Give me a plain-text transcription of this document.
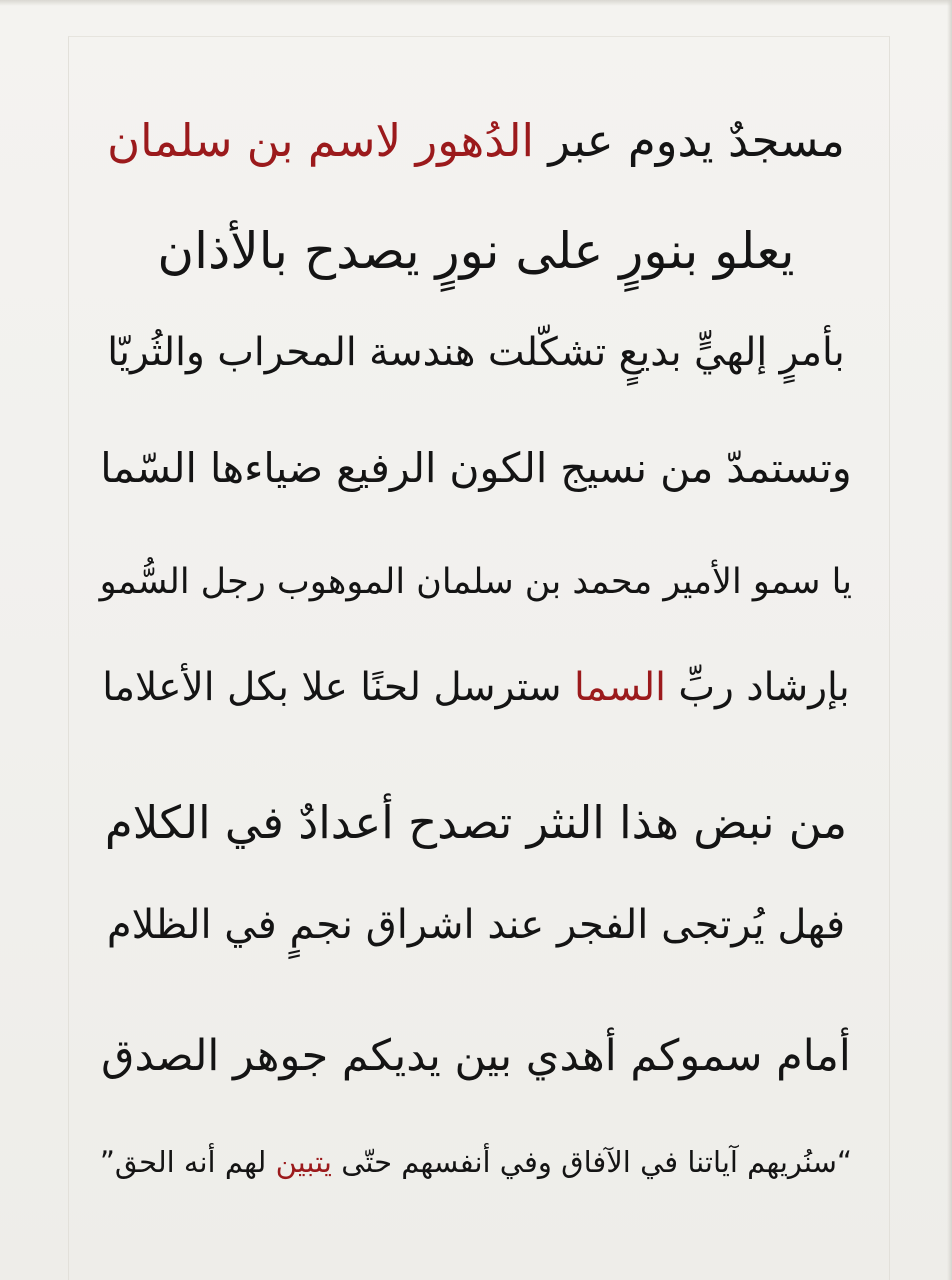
مسجدٌ يدوم عبر الدُهور لاسم بن سلمان
يعلو بنورٍ على نورٍ يصدح بالأذان
بأمرٍ إلهيٍّ بديعٍ تشكّلت هندسة المحراب والثُريّا
وتستمدّ من نسيج الكون الرفيع ضياءها السّما
يا سمو الأمير محمد بن سلمان الموهوب رجل السُّمو
بإرشاد ربِّ السما سترسل لحنًا علا بكل الأعلاما
من نبض هذا النثر تصدح أعدادٌ في الكلام
فهل يُرتجى الفجر عند اشراق نجمٍ في الظلام
أمام سموكم أهدي بين يديكم جوهر الصدق
“سنُريهم آياتنا في الآفاق وفي أنفسهم حتّى يتبين لهم أنه الحق”
